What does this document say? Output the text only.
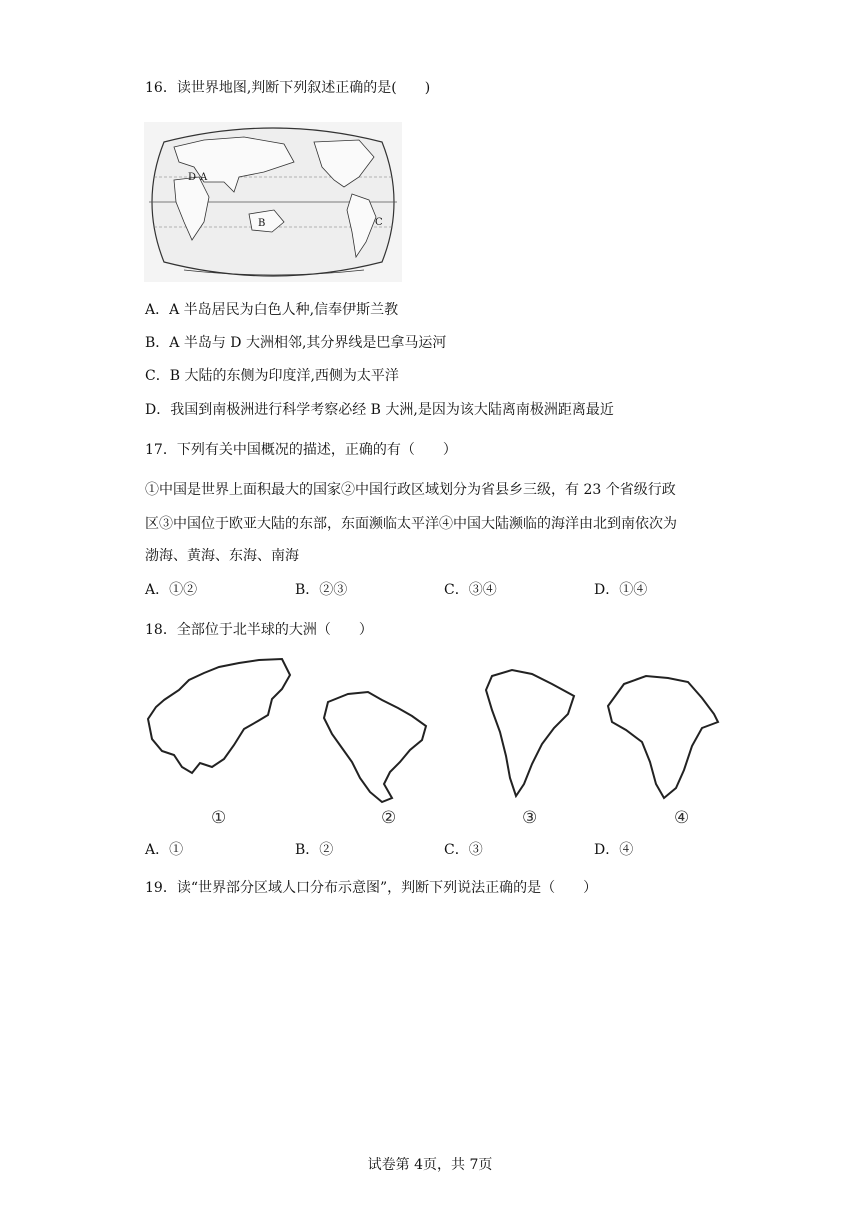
16．读世界地图,判断下列叙述正确的是(　　)
D A
B	C
A．A 半岛居民为白色人种,信奉伊斯兰教
B．A 半岛与 D 大洲相邻,其分界线是巴拿马运河
C．B 大陆的东侧为印度洋,西侧为太平洋
D．我国到南极洲进行科学考察必经 B 大洲,是因为该大陆离南极洲距离最近
17．下列有关中国概况的描述，正确的有（　　）
①中国是世界上面积最大的国家②中国行政区域划分为省县乡三级，有 23 个省级行政
区③中国位于欧亚大陆的东部，东面濒临太平洋④中国大陆濒临的海洋由北到南依次为
渤海、黄海、东海、南海
A．①②	B．②③	C．③④	D．①④
18．全部位于北半球的大洲（　　）
①	②	③	④
A．①	B．②	C．③	D．④
19．读“世界部分区域人口分布示意图”，判断下列说法正确的是（　　）
试卷第 4页，共 7页
